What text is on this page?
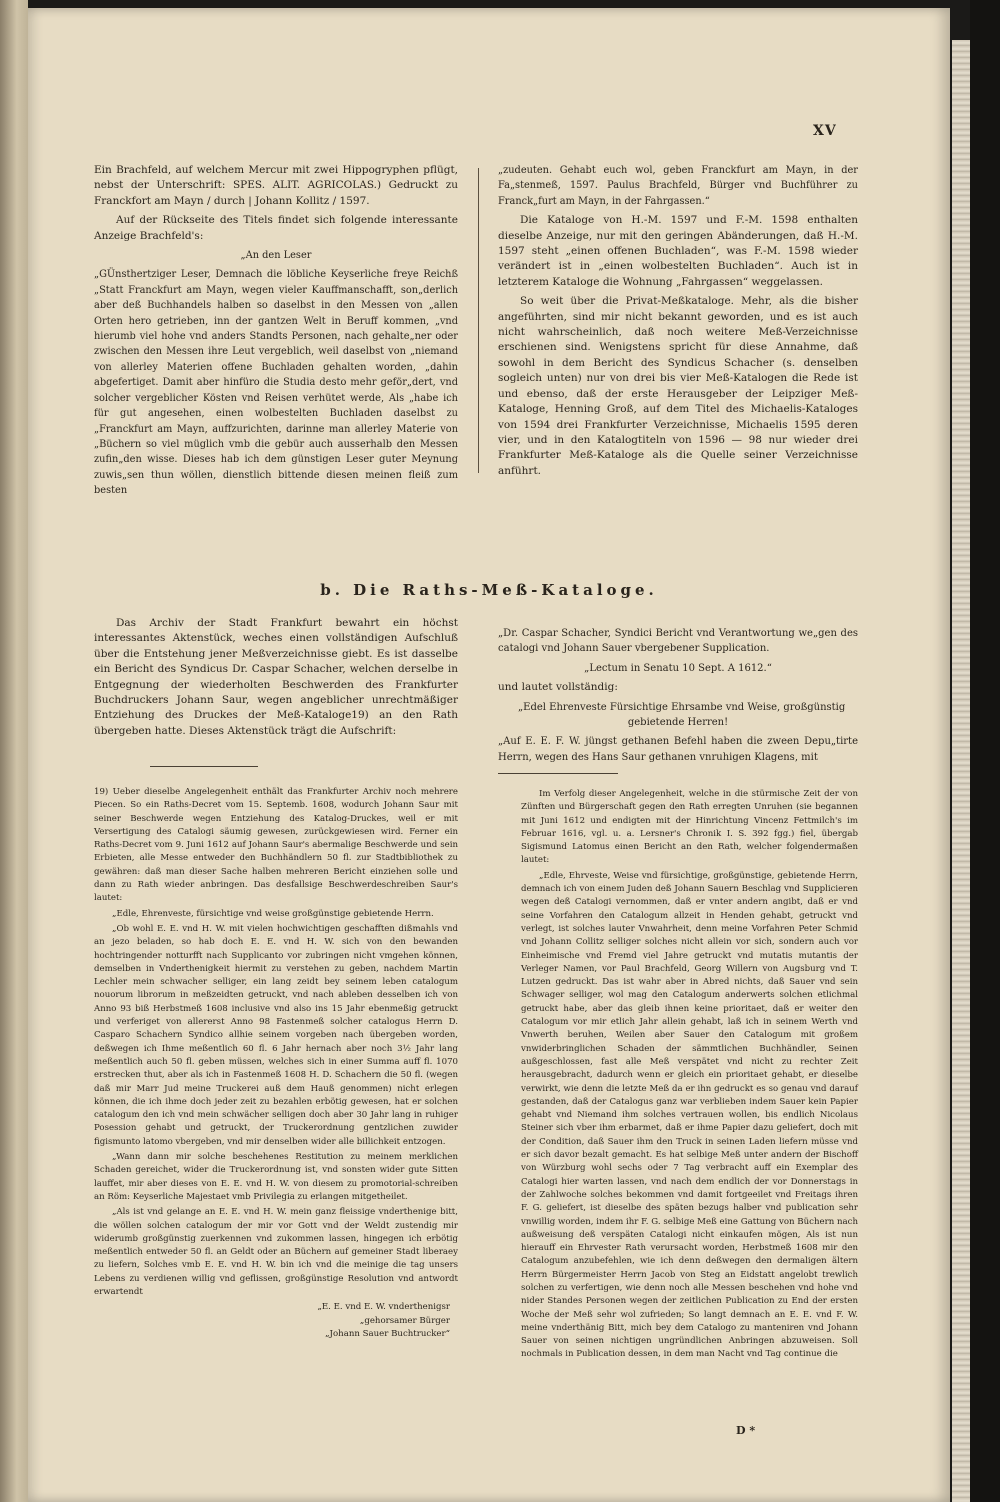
XV

Ein Brachfeld, auf welchem Mercur mit zwei Hippogryphen pflügt, nebst der Unterschrift: SPES. ALIT. AGRICOLAS.) Gedruckt zu Franckfort am Mayn / durch | Johann Kollitz / 1597.

Auf der Rückseite des Titels findet sich folgende interessante Anzeige Brachfeld's:

„An den Leser

„GÜnsthertziger Leser, Demnach die löbliche Keyserliche freye Reichß „Statt Franckfurt am Mayn, wegen vieler Kauffmanschafft, son„derlich aber deß Buchhandels halben so daselbst in den Messen von „allen Orten hero getrieben, inn der gantzen Welt in Beruff kommen, „vnd hierumb viel hohe vnd anders Standts Personen, nach gehalte„ner oder zwischen den Messen ihre Leut vergeblich, weil daselbst von „niemand von allerley Materien offene Buchladen gehalten worden, „dahin abgefertiget. Damit aber hinfüro die Studia desto mehr geför„dert, vnd solcher vergeblicher Kösten vnd Reisen verhütet werde, Als „habe ich für gut angesehen, einen wolbestelten Buchladen daselbst zu „Franckfurt am Mayn, auffzurichten, darinne man allerley Materie von „Büchern so viel müglich vmb die gebür auch ausserhalb den Messen zufin„den wisse. Dieses hab ich dem günstigen Leser guter Meynung zuwis„sen thun wöllen, dienstlich bittende diesen meinen fleiß zum besten

„zudeuten. Gehabt euch wol, geben Franckfurt am Mayn, in der Fa„stenmeß, 1597. Paulus Brachfeld, Bürger vnd Buchführer zu Franck„furt am Mayn, in der Fahrgassen.“

Die Kataloge von H.-M. 1597 und F.-M. 1598 enthalten dieselbe Anzeige, nur mit den geringen Abänderungen, daß H.-M. 1597 steht „einen offenen Buchladen“, was F.-M. 1598 wieder verändert ist in „einen wolbestelten Buchladen“. Auch ist in letzterem Kataloge die Wohnung „Fahrgassen“ weggelassen.

So weit über die Privat-Meßkataloge. Mehr, als die bisher angeführten, sind mir nicht bekannt geworden, und es ist auch nicht wahrscheinlich, daß noch weitere Meß-Verzeichnisse erschienen sind. Wenigstens spricht für diese Annahme, daß sowohl in dem Bericht des Syndicus Schacher (s. denselben sogleich unten) nur von drei bis vier Meß-Katalogen die Rede ist und ebenso, daß der erste Herausgeber der Leipziger Meß-Kataloge, Henning Groß, auf dem Titel des Michaelis-Kataloges von 1594 drei Frankfurter Verzeichnisse, Michaelis 1595 deren vier, und in den Katalogtiteln von 1596 — 98 nur wieder drei Frankfurter Meß-Kataloge als die Quelle seiner Verzeichnisse anführt.

b. Die Raths-Meß-Kataloge.

Das Archiv der Stadt Frankfurt bewahrt ein höchst interessantes Aktenstück, weches einen vollständigen Aufschluß über die Entstehung jener Meßverzeichnisse giebt. Es ist dasselbe ein Bericht des Syndicus Dr. Caspar Schacher, welchen derselbe in Entgegnung der wiederholten Beschwerden des Frankfurter Buchdruckers Johann Saur, wegen angeblicher unrechtmäßiger Entziehung des Druckes der Meß-Kataloge19) an den Rath übergeben hatte. Dieses Aktenstück trägt die Aufschrift:

„Dr. Caspar Schacher, Syndici Bericht vnd Verantwortung we„gen des catalogi vnd Johann Sauer vbergebener Supplication.

„Lectum in Senatu 10 Sept. A 1612.“

und lautet vollständig:

„Edel Ehrenveste Fürsichtige Ehrsambe vnd Weise, großgünstig

gebietende Herren!

„Auf E. E. F. W. jüngst gethanen Befehl haben die zween Depu„tirte Herrn, wegen des Hans Saur gethanen vnruhigen Klagens, mit

19) Ueber dieselbe Angelegenheit enthält das Frankfurter Archiv noch mehrere Piecen. So ein Raths-Decret vom 15. Septemb. 1608, wodurch Johann Saur mit seiner Beschwerde wegen Entziehung des Katalog-Druckes, weil er mit Versertigung des Catalogi säumig gewesen, zurückgewiesen wird. Ferner ein Raths-Decret vom 9. Juni 1612 auf Johann Saur's abermalige Beschwerde und sein Erbieten, alle Messe entweder den Buchhändlern 50 fl. zur Stadtbibliothek zu gewähren: daß man dieser Sache halben mehreren Bericht einziehen solle und dann zu Rath wieder anbringen. Das desfallsige Beschwerdeschreiben Saur's lautet:

„Edle, Ehrenveste, fürsichtige vnd weise großgünstige gebietende Herrn.

„Ob wohl E. E. vnd H. W. mit vielen hochwichtigen geschafften dißmahls vnd an jezo beladen, so hab doch E. E. vnd H. W. sich von den bewanden hochtringender notturfft nach Supplicanto vor zubringen nicht vmgehen können, demselben in Vnderthenigkeit hiermit zu verstehen zu geben, nachdem Martin Lechler mein schwacher selliger, ein lang zeidt bey seinem leben catalogum nouorum librorum in meßzeidten getruckt, vnd nach ableben desselben ich von Anno 93 biß Herbstmeß 1608 inclusive vnd also ins 15 Jahr ebenmeßig getruckt und verferiget von allererst Anno 98 Fastenmeß solcher catalogus Herrn D. Casparo Schachern Syndico allhie seinem vorgeben nach übergeben worden, deßwegen ich Ihme meßentlich 60 fl. 6 Jahr hernach aber noch 3½ Jahr lang meßentlich auch 50 fl. geben müssen, welches sich in einer Summa auff fl. 1070 erstrecken thut, aber als ich in Fastenmeß 1608 H. D. Schachern die 50 fl. (wegen daß mir Marr Jud meine Truckerei auß dem Hauß genommen) nicht erlegen können, die ich ihme doch jeder zeit zu bezahlen erbötig gewesen, hat er solchen catalogum den ich vnd mein schwächer selligen doch aber 30 Jahr lang in ruhiger Posession gehabt und getruckt, der Truckerordnung gentzlichen zuwider figismunto latomo vbergeben, vnd mir denselben wider alle billichkeit entzogen.

„Wann dann mir solche beschehenes Restitution zu meinem merklichen Schaden gereichet, wider die Truckerordnung ist, vnd sonsten wider gute Sitten lauffet, mir aber dieses von E. E. vnd H. W. von diesem zu promotorial-schreiben an Röm: Keyserliche Majestaet vmb Privilegia zu erlangen mitgetheilet.

„Als ist vnd gelange an E. E. vnd H. W. mein ganz fleissige vnderthenige bitt, die wöllen solchen catalogum der mir vor Gott vnd der Weldt zustendig mir widerumb großgünstig zuerkennen vnd zukommen lassen, hingegen ich erbötig meßentlich entweder 50 fl. an Geldt oder an Büchern auf gemeiner Stadt liberaey zu liefern, Solches vmb E. E. vnd H. W. bin ich vnd die meinige die tag unsers Lebens zu verdienen willig vnd geflissen, großgünstige Resolution vnd antwordt erwartendt

„E. E. vnd E. W. vnderthenigsr

„gehorsamer Bürger

„Johann Sauer Buchtrucker“

Im Verfolg dieser Angelegenheit, welche in die stürmische Zeit der von Zünften und Bürgerschaft gegen den Rath erregten Unruhen (sie begannen mit Juni 1612 und endigten mit der Hinrichtung Vincenz Fettmilch's im Februar 1616, vgl. u. a. Lersner's Chronik I. S. 392 fgg.) fiel, übergab Sigismund Latomus einen Bericht an den Rath, welcher folgendermaßen lautet:

„Edle, Ehrveste, Weise vnd fürsichtige, großgünstige, gebietende Herrn, demnach ich von einem Juden deß Johann Sauern Beschlag vnd Supplicieren wegen deß Catalogi vernommen, daß er vnter andern angibt, daß er vnd seine Vorfahren den Catalogum allzeit in Henden gehabt, getruckt vnd verlegt, ist solches lauter Vnwahrheit, denn meine Vorfahren Peter Schmid vnd Johann Collitz selliger solches nicht allein vor sich, sondern auch vor Einheimische vnd Fremd viel Jahre getruckt vnd mutatis mutantis der Verleger Namen, vor Paul Brachfeld, Georg Willern von Augsburg vnd T. Lutzen gedruckt. Das ist wahr aber in Abred nichts, daß Sauer vnd sein Schwager selliger, wol mag den Catalogum anderwerts solchen etlichmal getruckt habe, aber das gleib ihnen keine prioritaet, daß er weiter den Catalogum vor mir etlich Jahr allein gehabt, laß ich in seinem Werth vnd Vnwerth beruhen, Weilen aber Sauer den Catalogum mit großem vnwiderbringlichen Schaden der sämmtlichen Buchhändler, Seinen außgeschlossen, fast alle Meß verspätet vnd nicht zu rechter Zeit herausgebracht, dadurch wenn er gleich ein prioritaet gehabt, er dieselbe verwirkt, wie denn die letzte Meß da er ihn gedruckt es so genau vnd darauf gestanden, daß der Catalogus ganz war verblieben indem Sauer kein Papier gehabt vnd Niemand ihm solches vertrauen wollen, bis endlich Nicolaus Steiner sich vber ihm erbarmet, daß er ihme Papier dazu geliefert, doch mit der Condition, daß Sauer ihm den Truck in seinen Laden liefern müsse vnd er sich davor bezalt gemacht. Es hat selbige Meß unter andern der Bischoff von Würzburg wohl sechs oder 7 Tag verbracht auff ein Exemplar des Catalogi hier warten lassen, vnd nach dem endlich der vor Donnerstags in der Zahlwoche solches bekommen vnd damit fortgeeilet vnd Freitags ihren F. G. geliefert, ist dieselbe des späten bezugs halber vnd publication sehr vnwillig worden, indem ihr F. G. selbige Meß eine Gattung von Büchern nach außweisung deß verspäten Catalogi nicht einkaufen mögen, Als ist nun hierauff ein Ehrvester Rath verursacht worden, Herbstmeß 1608 mir den Catalogum anzubefehlen, wie ich denn deßwegen den dermaligen ältern Herrn Bürgermeister Herrn Jacob von Steg an Eidstatt angelobt trewlich solchen zu verfertigen, wie denn noch alle Messen beschehen vnd hohe vnd nider Standes Personen wegen der zeitlichen Publication zu End der ersten Woche der Meß sehr wol zufrieden; So langt demnach an E. E. vnd F. W. meine vnderthänig Bitt, mich bey dem Catalogo zu manteniren vnd Johann Sauer von seinen nichtigen ungründlichen Anbringen abzuweisen. Soll nochmals in Publication dessen, in dem man Nacht vnd Tag continue die

D *
